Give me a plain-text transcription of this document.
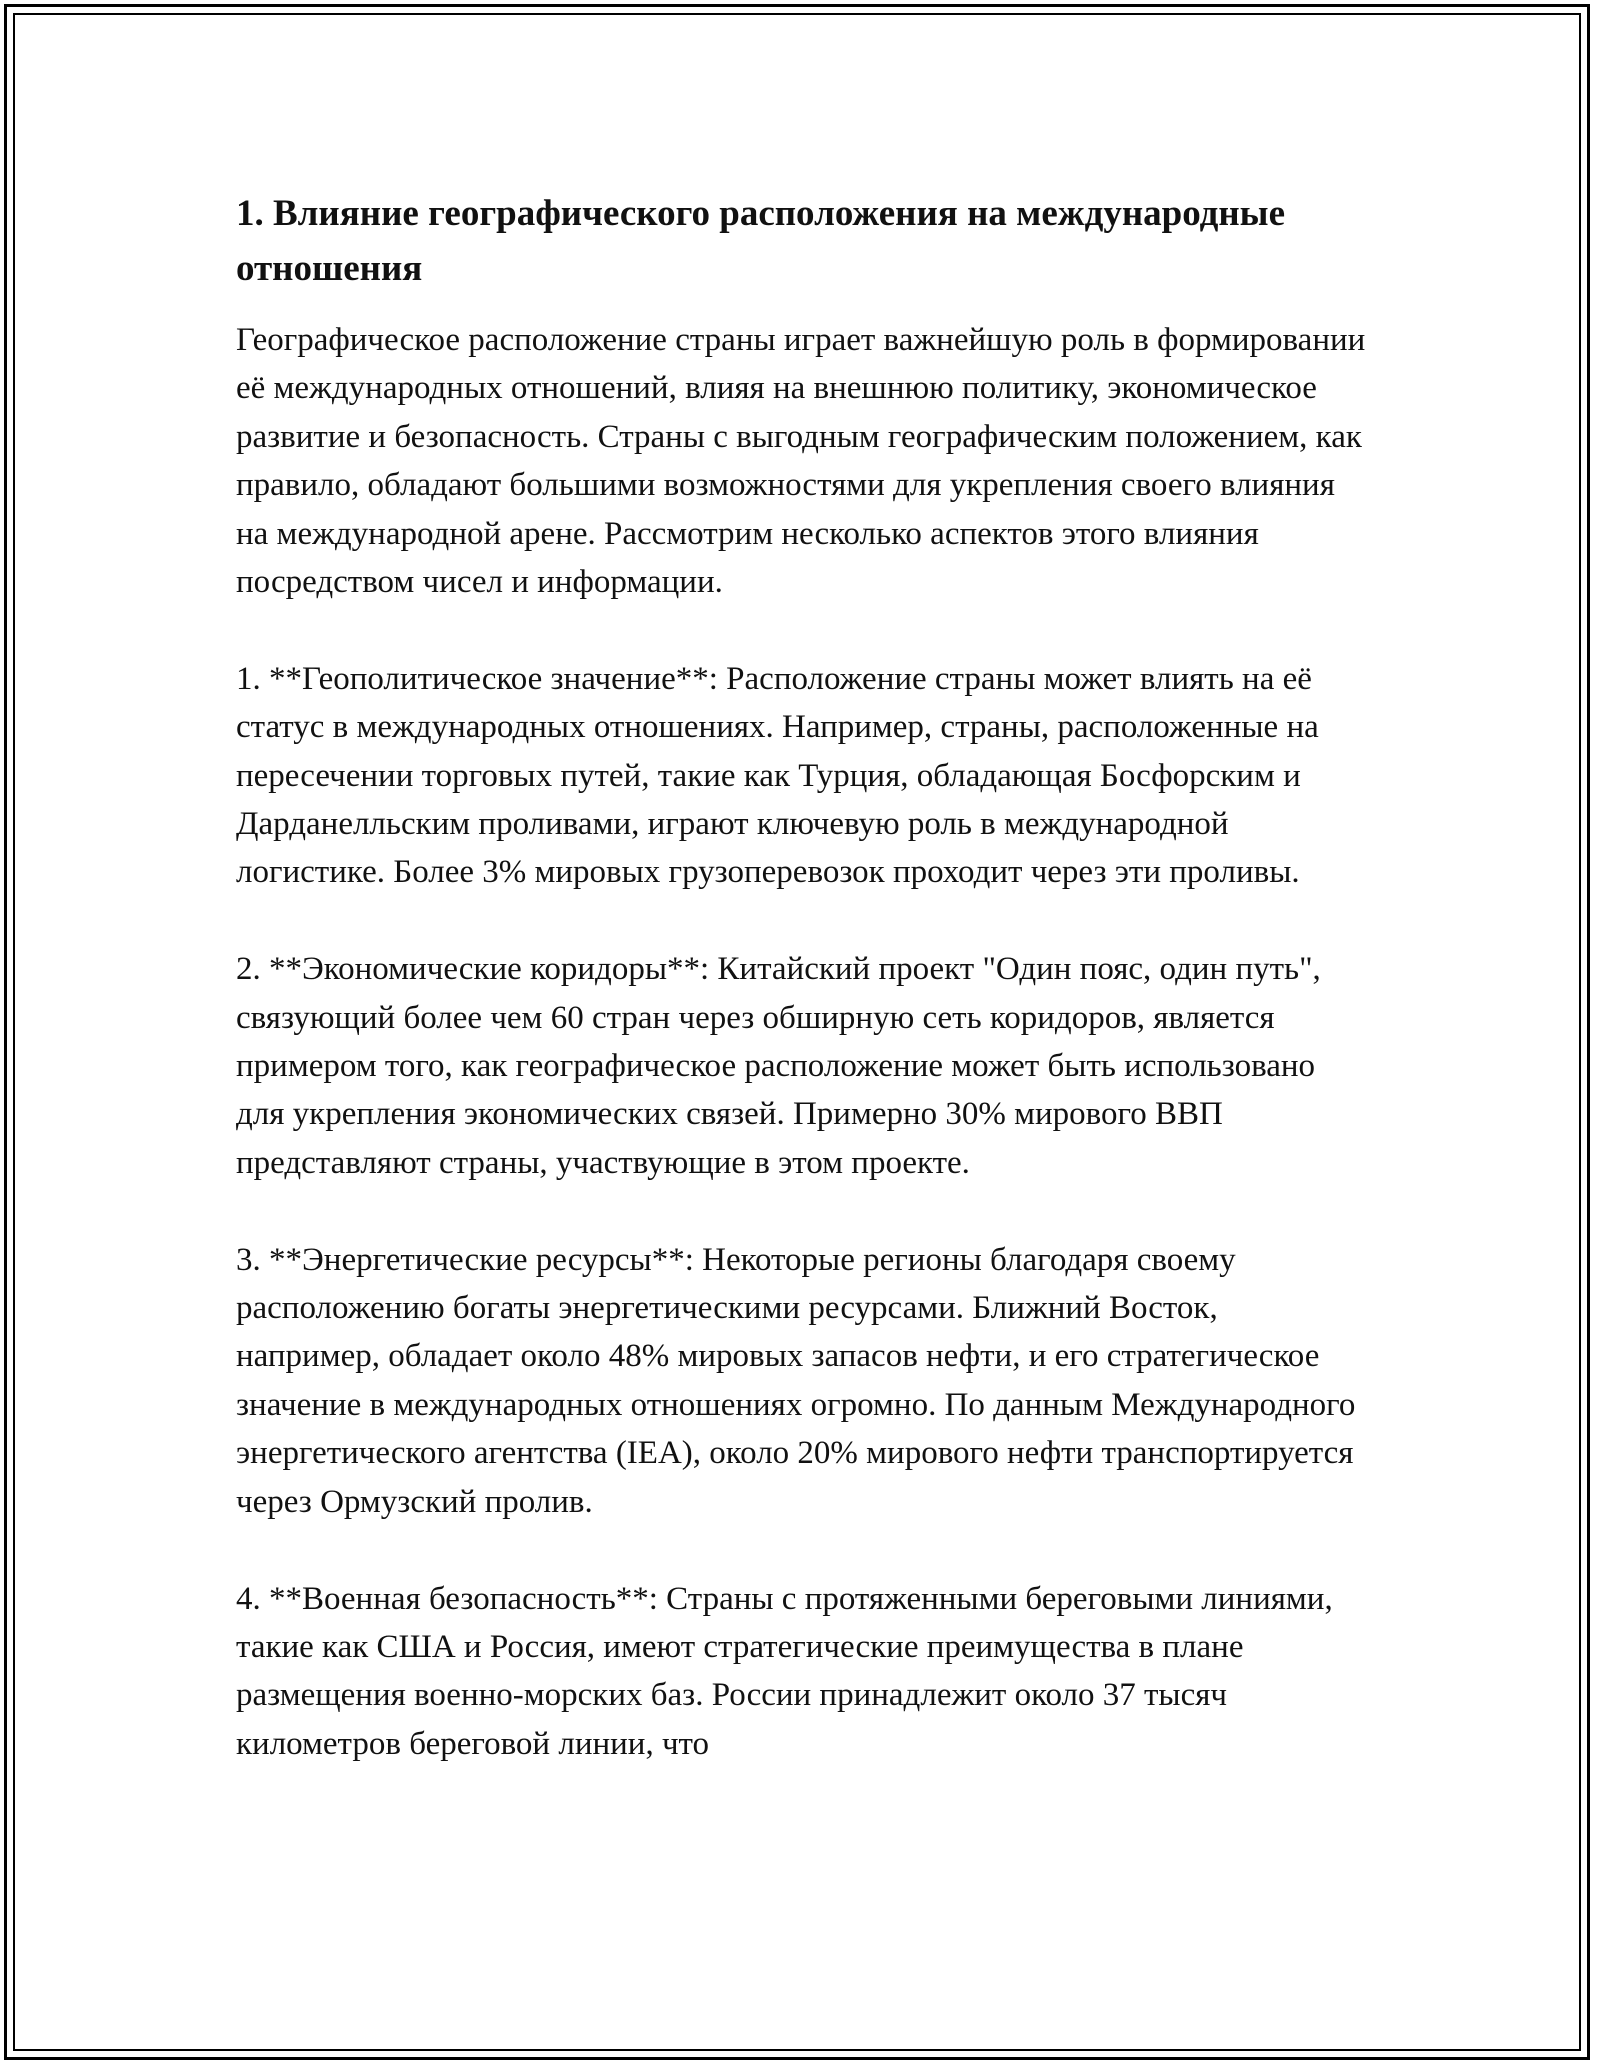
1. Влияние географического расположения на международные отношения

Географическое расположение страны играет важнейшую роль в формировании её международных отношений, влияя на внешнюю политику, экономическое развитие и безопасность. Страны с выгодным географическим положением, как правило, обладают большими возможностями для укрепления своего влияния на международной арене. Рассмотрим несколько аспектов этого влияния посредством чисел и информации.

1. **Геополитическое значение**: Расположение страны может влиять на её статус в международных отношениях. Например, страны, расположенные на пересечении торговых путей, такие как Турция, обладающая Босфорским и Дарданелльским проливами, играют ключевую роль в международной логистике. Более 3% мировых грузоперевозок проходит через эти проливы.

2. **Экономические коридоры**: Китайский проект "Один пояс, один путь", связующий более чем 60 стран через обширную сеть коридоров, является примером того, как географическое расположение может быть использовано для укрепления экономических связей. Примерно 30% мирового ВВП представляют страны, участвующие в этом проекте.

3. **Энергетические ресурсы**: Некоторые регионы благодаря своему расположению богаты энергетическими ресурсами. Ближний Восток, например, обладает около 48% мировых запасов нефти, и его стратегическое значение в международных отношениях огромно. По данным Международного энергетического агентства (IEA), около 20% мирового нефти транспортируется через Ормузский пролив.

4. **Военная безопасность**: Страны с протяженными береговыми линиями, такие как США и Россия, имеют стратегические преимущества в плане размещения военно-морских баз. России принадлежит около 37 тысяч километров береговой линии, что
